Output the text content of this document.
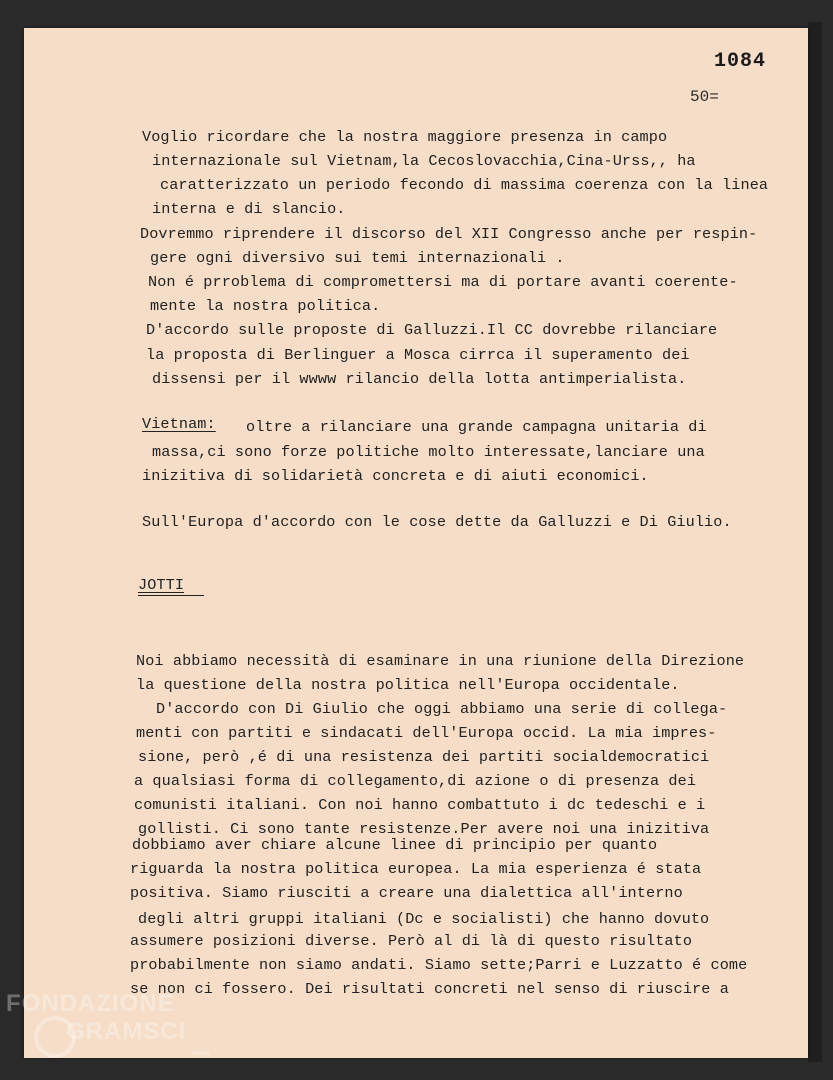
1084
50=
Voglio ricordare che la nostra maggiore presenza in campo
internazionale sul Vietnam,la Cecoslovacchia,Cina-Urss,, ha
caratterizzato un periodo fecondo di massima coerenza con la linea
interna e di slancio.
Dovremmo riprendere il discorso del XII Congresso anche per respin-
gere ogni diversivo sui temi internazionali .
Non é prroblema di compromettersi ma di portare avanti coerente-
mente la nostra politica.
D'accordo sulle proposte di Galluzzi.Il CC dovrebbe rilanciare
la proposta di Berlinguer a Mosca cirrca il superamento dei
dissensi per il wwww rilancio della lotta antimperialista.
Vietnam: oltre a rilanciare una grande campagna unitaria di
massa,ci sono forze politiche molto interessate,lanciare una
inizitiva di solidarietà concreta e di aiuti economici.
Sull'Europa d'accordo con le cose dette da Galluzzi e Di Giulio.
JOTTI
Noi abbiamo necessità di esaminare in una riunione della Direzione
la questione della nostra politica nell'Europa occidentale.
D'accordo con Di Giulio che oggi abbiamo una serie di collega-
menti con partiti e sindacati dell'Europa occid. La mia impres-
sione, però ,é di una resistenza dei partiti socialdemocratici
a qualsiasi forma di collegamento,di azione o di presenza dei
comunisti italiani. Con noi hanno combattuto i dc tedeschi e i
gollisti. Ci sono tante resistenze.Per avere noi una inizitiva
dobbiamo aver chiare alcune linee di principio per quanto
riguarda la nostra politica europea. La mia esperienza é stata
positiva. Siamo riusciti a creare una dialettica all'interno
degli altri gruppi italiani (Dc e socialisti) che hanno dovuto
assumere posizioni diverse. Però al di là di questo risultato
probabilmente non siamo andati. Siamo sette;Parri e Luzzatto é come
se non ci fossero. Dei risultati concreti nel senso di riuscire a
FONDAZIONE
GRAMSCI
onlus
